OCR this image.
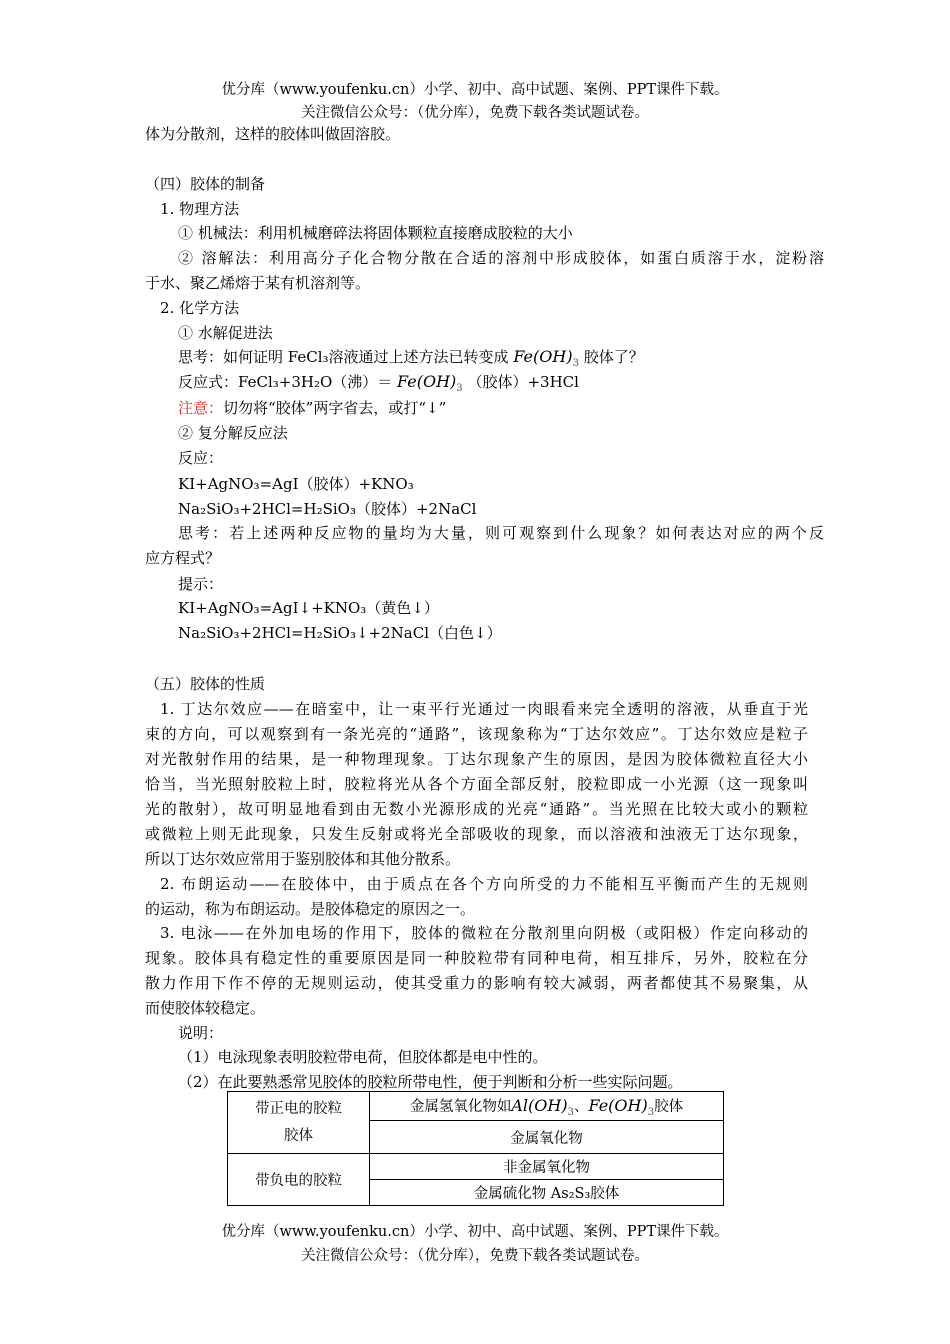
优分库（www.youfenku.cn）小学、初中、高中试题、案例、PPT课件下载。
关注微信公众号：（优分库），免费下载各类试题试卷。
体为分散剂，这样的胶体叫做固溶胶。
（四）胶体的制备
1. 物理方法
① 机械法：利用机械磨碎法将固体颗粒直接磨成胶粒的大小
② 溶解法：利用高分子化合物分散在合适的溶剂中形成胶体，如蛋白质溶于水，淀粉溶
于水、聚乙烯熔于某有机溶剂等。
2. 化学方法
① 水解促进法
思考：如何证明 FeCl₃溶液通过上述方法已转变成 $Fe(OH)_3$ 胶体了？
反应式：FeCl₃+3H₂O（沸）＝ $Fe(OH)_3$ （胶体）+3HCl
注意：切勿将“胶体”两字省去，或打“↓”
② 复分解反应法
反应：
KI+AgNO₃=AgI（胶体）+KNO₃
Na₂SiO₃+2HCl=H₂SiO₃（胶体）+2NaCl
思考：若上述两种反应物的量均为大量，则可观察到什么现象？如何表达对应的两个反
应方程式？
提示：
KI+AgNO₃=AgI↓+KNO₃（黄色↓）
Na₂SiO₃+2HCl=H₂SiO₃↓+2NaCl（白色↓）
（五）胶体的性质
1. 丁达尔效应——在暗室中，让一束平行光通过一肉眼看来完全透明的溶液，从垂直于光
束的方向，可以观察到有一条光亮的“通路”，该现象称为“丁达尔效应”。丁达尔效应是粒子
对光散射作用的结果，是一种物理现象。丁达尔现象产生的原因，是因为胶体微粒直径大小
恰当，当光照射胶粒上时，胶粒将光从各个方面全部反射，胶粒即成一小光源（这一现象叫
光的散射），故可明显地看到由无数小光源形成的光亮“通路”。当光照在比较大或小的颗粒
或微粒上则无此现象，只发生反射或将光全部吸收的现象，而以溶液和浊液无丁达尔现象，
所以丁达尔效应常用于鉴别胶体和其他分散系。
2. 布朗运动——在胶体中，由于质点在各个方向所受的力不能相互平衡而产生的无规则
的运动，称为布朗运动。是胶体稳定的原因之一。
3. 电泳——在外加电场的作用下，胶体的微粒在分散剂里向阴极（或阳极）作定向移动的
现象。胶体具有稳定性的重要原因是同一种胶粒带有同种电荷，相互排斥，另外，胶粒在分
散力作用下作不停的无规则运动，使其受重力的影响有较大减弱，两者都使其不易聚集，从
而使胶体较稳定。
说明：
（1）电泳现象表明胶粒带电荷，但胶体都是电中性的。
（2）在此要熟悉常见胶体的胶粒所带电性，便于判断和分析一些实际问题。
带正电的胶粒
胶体	金属氢氧化物如$Al(OH)_3$、$Fe(OH)_3$胶体
	金属氧化物
带负电的胶粒	非金属氧化物
	金属硫化物 As₂S₃胶体
优分库（www.youfenku.cn）小学、初中、高中试题、案例、PPT课件下载。
关注微信公众号：（优分库），免费下载各类试题试卷。
